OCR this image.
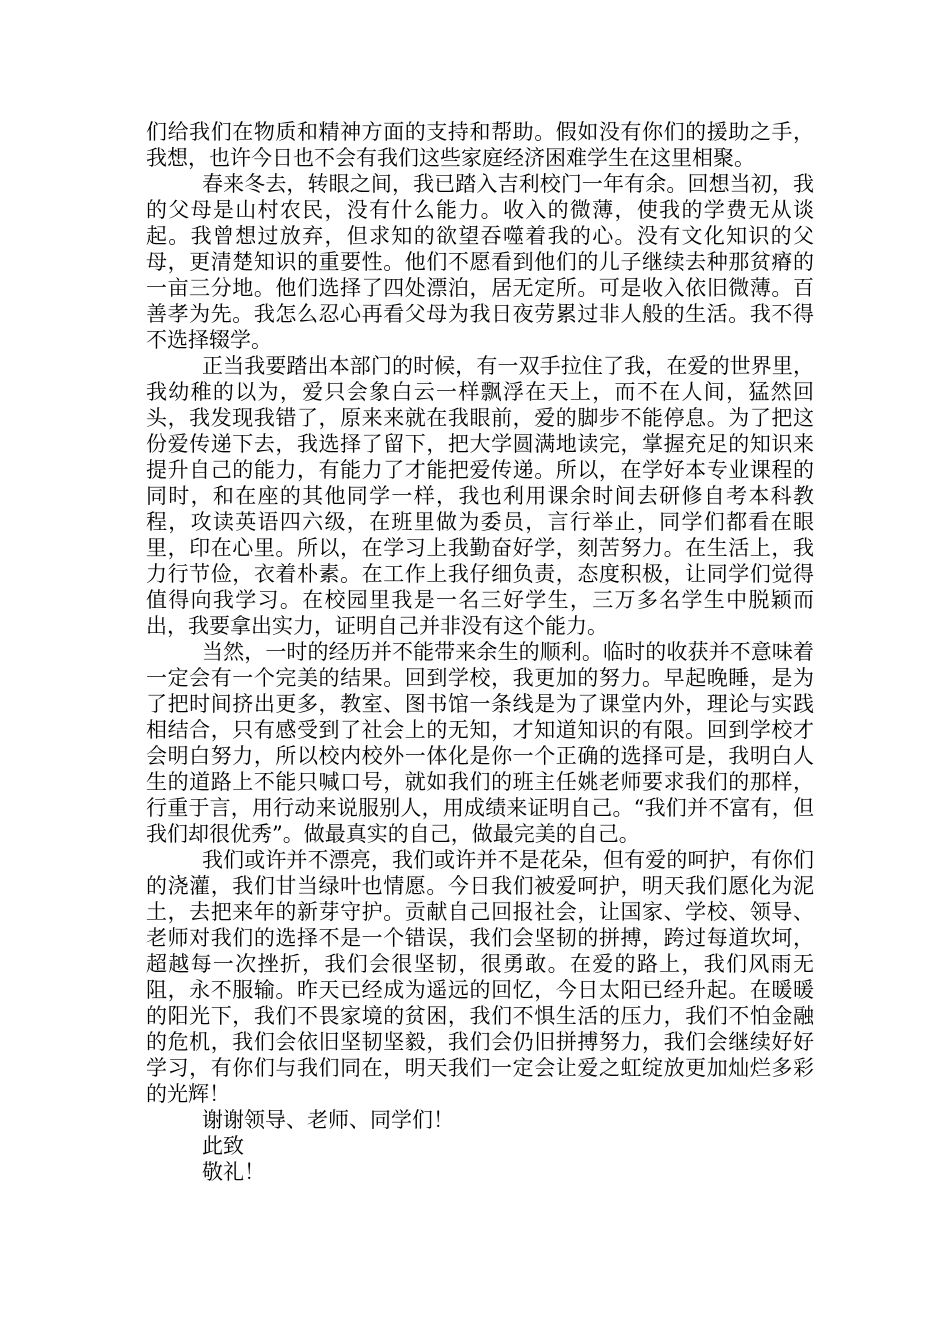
们给我们在物质和精神方面的支持和帮助。假如没有你们的援助之手，我想，也许今日也不会有我们这些家庭经济困难学生在这里相聚。

春来冬去，转眼之间，我已踏入吉利校门一年有余。回想当初，我的父母是山村农民，没有什么能力。收入的微薄，使我的学费无从谈起。我曾想过放弃，但求知的欲望吞噬着我的心。没有文化知识的父母，更清楚知识的重要性。他们不愿看到他们的儿子继续去种那贫瘠的一亩三分地。他们选择了四处漂泊，居无定所。可是收入依旧微薄。百善孝为先。我怎么忍心再看父母为我日夜劳累过非人般的生活。我不得不选择辍学。

正当我要踏出本部门的时候，有一双手拉住了我，在爱的世界里，我幼稚的以为，爱只会象白云一样飘浮在天上，而不在人间，猛然回头，我发现我错了，原来来就在我眼前，爱的脚步不能停息。为了把这份爱传递下去，我选择了留下，把大学圆满地读完，掌握充足的知识来提升自己的能力，有能力了才能把爱传递。所以，在学好本专业课程的同时，和在座的其他同学一样，我也利用课余时间去研修自考本科教程，攻读英语四六级，在班里做为委员，言行举止，同学们都看在眼里，印在心里。所以，在学习上我勤奋好学，刻苦努力。在生活上，我力行节俭，衣着朴素。在工作上我仔细负责，态度积极，让同学们觉得值得向我学习。在校园里我是一名三好学生，三万多名学生中脱颖而出，我要拿出实力，证明自己并非没有这个能力。

当然，一时的经历并不能带来余生的顺利。临时的收获并不意味着一定会有一个完美的结果。回到学校，我更加的努力。早起晚睡，是为了把时间挤出更多，教室、图书馆一条线是为了课堂内外，理论与实践相结合，只有感受到了社会上的无知，才知道知识的有限。回到学校才会明白努力，所以校内校外一体化是你一个正确的选择可是，我明白人生的道路上不能只喊口号，就如我们的班主任姚老师要求我们的那样，行重于言，用行动来说服别人，用成绩来证明自己。“我们并不富有，但我们却很优秀”。做最真实的自己，做最完美的自己。

我们或许并不漂亮，我们或许并不是花朵，但有爱的呵护，有你们的浇灌，我们甘当绿叶也情愿。今日我们被爱呵护，明天我们愿化为泥土，去把来年的新芽守护。贡献自己回报社会，让国家、学校、领导、老师对我们的选择不是一个错误，我们会坚韧的拼搏，跨过每道坎坷，超越每一次挫折，我们会很坚韧，很勇敢。在爱的路上，我们风雨无阻，永不服输。昨天已经成为遥远的回忆，今日太阳已经升起。在暖暖的阳光下，我们不畏家境的贫困，我们不惧生活的压力，我们不怕金融的危机，我们会依旧坚韧坚毅，我们会仍旧拼搏努力，我们会继续好好学习，有你们与我们同在，明天我们一定会让爱之虹绽放更加灿烂多彩的光辉！

谢谢领导、老师、同学们！

此致

敬礼！
